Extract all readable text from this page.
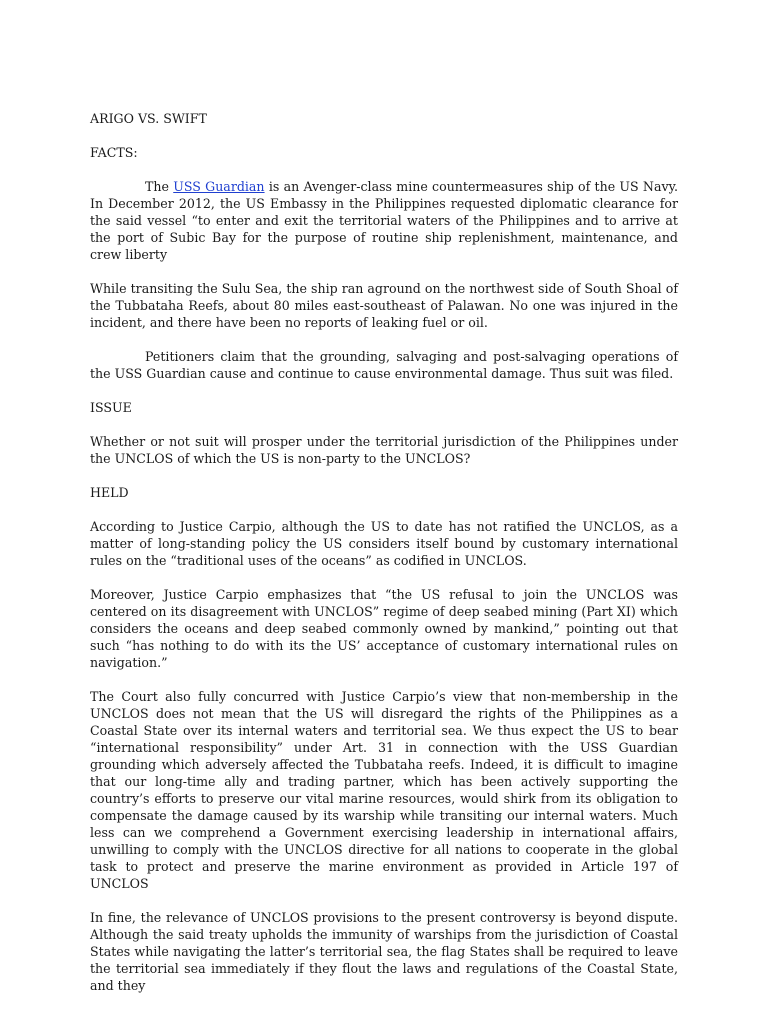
ARIGO VS. SWIFT
FACTS:

The USS Guardian is an Avenger-class mine countermeasures ship of the US Navy. In December 2012, the US Embassy in the Philippines requested diplomatic clearance for the said vessel “to enter and exit the territorial waters of the Philippines and to arrive at the port of Subic Bay for the purpose of routine ship replenishment, maintenance, and crew liberty

While transiting the Sulu Sea, the ship ran aground on the northwest side of South Shoal of the Tubbataha Reefs, about 80 miles east-southeast of Palawan. No one was injured in the incident, and there have been no reports of leaking fuel or oil.

Petitioners claim that the grounding, salvaging and post-salvaging operations of the USS Guardian cause and continue to cause environmental damage. Thus suit was filed.

ISSUE

Whether or not suit will prosper under the territorial jurisdiction of the Philippines under the UNCLOS of which the US is non-party to the UNCLOS?

HELD

According to Justice Carpio, although the US to date has not ratified the UNCLOS, as a matter of long-standing policy the US considers itself bound by customary international rules on the “traditional uses of the oceans” as codified in UNCLOS.

Moreover, Justice Carpio emphasizes that “the US refusal to join the UNCLOS was centered on its disagreement with UNCLOS” regime of deep seabed mining (Part XI) which considers the oceans and deep seabed commonly owned by mankind,” pointing out that such “has nothing to do with its the US’ acceptance of customary international rules on navigation.”

The Court also fully concurred with Justice Carpio’s view that non-membership in the UNCLOS does not mean that the US will disregard the rights of the Philippines as a Coastal State over its internal waters and territorial sea. We thus expect the US to bear “international responsibility” under Art. 31 in connection with the USS Guardian grounding which adversely affected the Tubbataha reefs. Indeed, it is difficult to imagine that our long-time ally and trading partner, which has been actively supporting the country’s efforts to preserve our vital marine resources, would shirk from its obligation to compensate the damage caused by its warship while transiting our internal waters. Much less can we comprehend a Government exercising leadership in international affairs, unwilling to comply with the UNCLOS directive for all nations to cooperate in the global task to protect and preserve the marine environment as provided in Article 197 of UNCLOS

In fine, the relevance of UNCLOS provisions to the present controversy is beyond dispute. Although the said treaty upholds the immunity of warships from the jurisdiction of Coastal States while navigating the latter’s territorial sea, the flag States shall be required to leave the territorial sea immediately if they flout the laws and regulations of the Coastal State, and they
